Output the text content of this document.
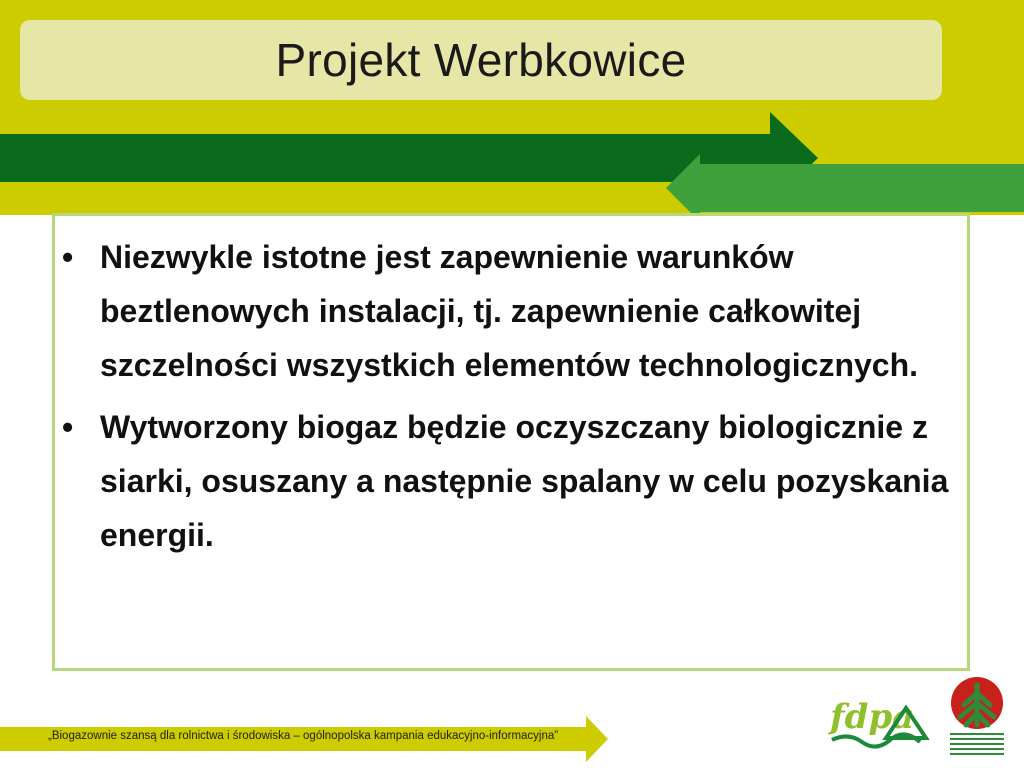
Projekt Werbkowice
• Niezwykle istotne jest zapewnienie warunków beztlenowych instalacji, tj. zapewnienie całkowitej szczelności wszystkich elementów technologicznych.
• Wytworzony biogaz będzie oczyszczany biologicznie z siarki, osuszany a następnie spalany w celu pozyskania energii.
„Biogazownie szansą dla rolnictwa i środowiska – ogólnopolska kampania edukacyjno-informacyjna”	fdpa
